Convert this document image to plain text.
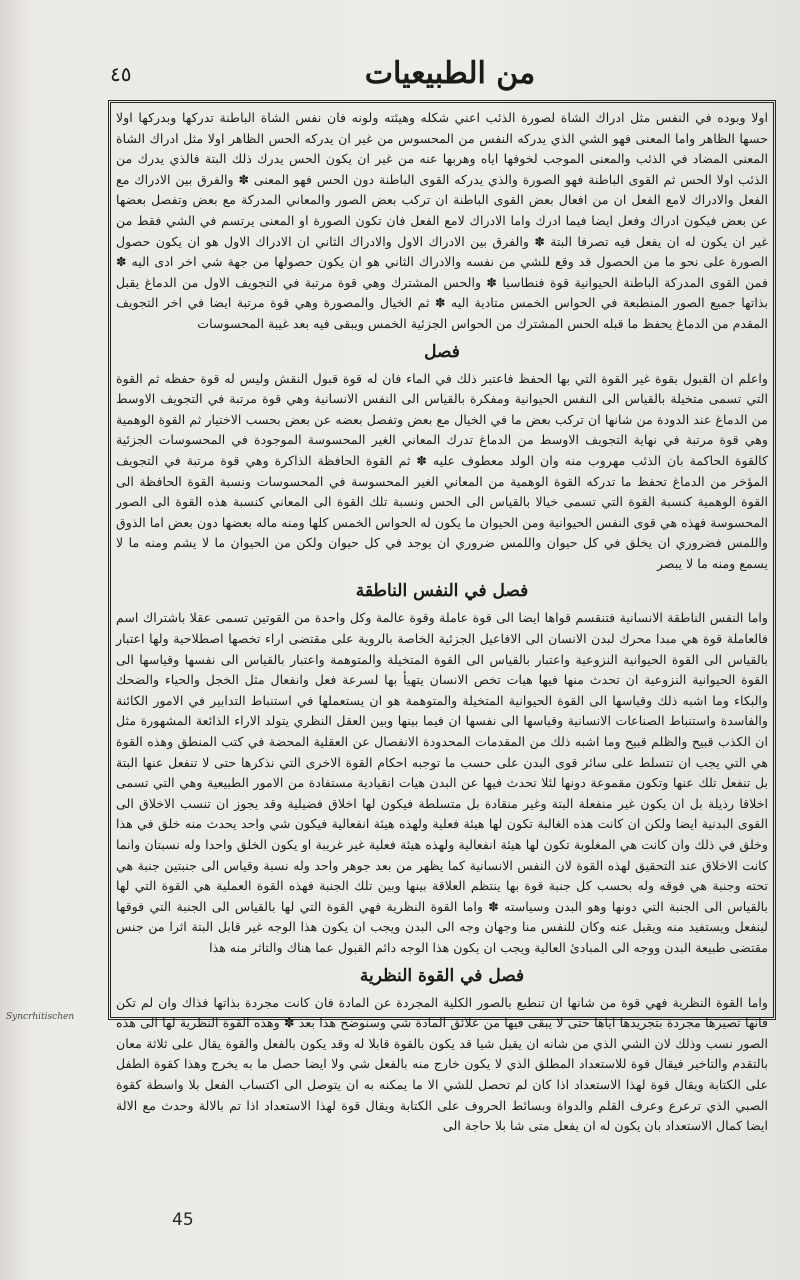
٤٥	من الطبيعيات

اولا وبوده في النفس مثل ادراك الشاة لصورة الذئب اعني شكله وهيئته ولونه فان نفس الشاة الباطنة تدركها وبدركها اولا حسها الظاهر واما المعنى فهو الشي الذي يدركه النفس من المحسوس من غير ان يدركه الحس الظاهر اولا مثل ادراك الشاة المعنى المضاد في الذئب والمعنى الموجب لخوفها اياه وهربها عنه من غير ان يكون الحس يدرك ذلك البتة فالذي يدرك من الذئب اولا الحس ثم القوى الباطنة فهو الصورة والذي يدركه القوى الباطنة دون الحس فهو المعنى ✽ والفرق بين الادراك مع الفعل والادراك لامع الفعل ان من افعال بعض القوى الباطنة ان تركب بعض الصور والمعاني المدركة مع بعض وتفصل بعضها عن بعض فيكون ادراك وفعل ايضا فيما ادرك واما الادراك لامع الفعل فان تكون الصورة او المعنى يرتسم في الشي فقط من غير ان يكون له ان يفعل فيه تصرفا البتة ✽ والفرق بين الادراك الاول والادراك الثاني ان الادراك الاول هو ان يكون حصول الصورة على نحو ما من الحصول قد وقع للشي من نفسه والادراك الثاني هو ان يكون حصولها من جهة شي اخر ادى اليه ✽ فمن القوى المدركة الباطنة الحيوانية قوة فنطاسيا ✽ والحس المشترك وهي قوة مرتبة في التجويف الاول من الدماغ يقبل بذاتها جميع الصور المنطبعة في الحواس الخمس متادية اليه ✽ ثم الخيال والمصورة وهي قوة مرتبة ايضا في اخر التجويف المقدم من الدماغ يحفظ ما قبله الحس المشترك من الحواس الجزئية الخمس ويبقى فيه بعد غيبة المحسوسات

فصل

واعلم ان القبول بقوة غير القوة التي بها الحفظ فاعتبر ذلك في الماء فان له قوة قبول النقش وليس له قوة حفظه ثم القوة التي تسمى متخيلة بالقياس الى النفس الحيوانية ومفكرة بالقياس الى النفس الانسانية وهي قوة مرتبة في التجويف الاوسط من الدماغ عند الدودة من شانها ان تركب بعض ما في الخيال مع بعض وتفصل بعضه عن بعض بحسب الاختيار ثم القوة الوهمية وهي قوة مرتبة في نهاية التجويف الاوسط من الدماغ تدرك المعاني الغير المحسوسة الموجودة في المحسوسات الجزئية كالقوة الحاكمة بان الذئب مهروب منه وان الولد معطوف عليه ✽ ثم القوة الحافظة الذاكرة وهي قوة مرتبة في التجويف المؤخر من الدماغ تحفظ ما تدركه القوة الوهمية من المعاني الغير المحسوسة في المحسوسات ونسبة القوة الحافظة الى القوة الوهمية كنسبة القوة التي تسمى خيالا بالقياس الى الحس ونسبة تلك القوة الى المعاني كنسبة هذه القوة الى الصور المحسوسة فهذه هي قوى النفس الحيوانية ومن الحيوان ما يكون له الحواس الخمس كلها ومنه ماله بعضها دون بعض اما الذوق واللمس فضروري ان يخلق في كل حيوان واللمس ضروري ان يوجد في كل حيوان ولكن من الحيوان ما لا يشم ومنه ما لا يسمع ومنه ما لا يبصر

فصل في النفس الناطقة

واما النفس الناطقة الانسانية فتنقسم قواها ايضا الى قوة عاملة وقوة عالمة وكل واحدة من القوتين تسمى عقلا باشتراك اسم فالعاملة قوة هي مبدا محرك لبدن الانسان الى الافاعيل الجزئية الخاصة بالروية على مقتضى اراء تخصها اصطلاحية ولها اعتبار بالقياس الى القوة الحيوانية النزوعية واعتبار بالقياس الى القوة المتخيلة والمتوهمة واعتبار بالقياس الى نفسها وقياسها الى القوة الحيوانية النزوعية ان تحدث منها فيها هيات تخص الانسان يتهيأ بها لسرعة فعل وانفعال مثل الخجل والحياء والضحك والبكاء وما اشبه ذلك وقياسها الى القوة الحيوانية المتخيلة والمتوهمة هو ان يستعملها في استنباط التدابير في الامور الكائنة والفاسدة واستنباط الصناعات الانسانية وقياسها الى نفسها ان فيما بينها وبين العقل النظري يتولد الاراء الذائعة المشهورة مثل ان الكذب قبيح والظلم قبيح وما اشبه ذلك من المقدمات المحدودة الانفصال عن العقلية المحضة في كتب المنطق وهذه القوة هي التي يجب ان تتسلط على سائر قوى البدن على حسب ما توجبه احكام القوة الاخرى التي نذكرها حتى لا تنفعل عنها البتة بل تنفعل تلك عنها وتكون مقموعة دونها لئلا تحدث فيها عن البدن هيات انقيادية مستفادة من الامور الطبيعية وهي التي تسمى اخلاقا رذيلة بل ان يكون غير منفعلة البتة وغير منقادة بل متسلطة فيكون لها اخلاق فضيلية وقد يجوز ان تنسب الاخلاق الى القوى البدنية ايضا ولكن ان كانت هذه الغالبة تكون لها هيئة فعلية ولهذه هيئة انفعالية فيكون شي واحد يحدث منه خلق في هذا وخلق في ذلك وان كانت هي المغلوبة تكون لها هيئة انفعالية ولهذه هيئة فعلية غير غريبة او يكون الخلق واحدا وله نسبتان وانما كانت الاخلاق عند التحقيق لهذه القوة لان النفس الانسانية كما يظهر من بعد جوهر واحد وله نسبة وقياس الى جنبتين جنبة هي تحته وجنبة هي فوقه وله بحسب كل جنبة قوة بها ينتظم العلاقة بينها وبين تلك الجنبة فهذه القوة العملية هي القوة التي لها بالقياس الى الجنبة التي دونها وهو البدن وسياسته ✽ واما القوة النظرية فهي القوة التي لها بالقياس الى الجنبة التي فوقها لينفعل ويستفيد منه ويقبل عنه وكان للنفس منا وجهان وجه الى البدن ويجب ان يكون هذا الوجه غير قابل البتة اثرا من جنس مقتضى طبيعة البدن ووجه الى المبادئ العالية ويجب ان يكون هذا الوجه دائم القبول عما هناك والتاثر منه هذا

فصل في القوة النظرية

واما القوة النظرية فهي قوة من شانها ان تنطبع بالصور الكلية المجردة عن المادة فان كانت مجردة بذاتها فذاك وان لم تكن فانها تصيرها مجردة بتجريدها اياها حتى لا يبقى فيها من علائق المادة شي وسنوضح هذا بعد ✽ وهذه القوة النظرية لها الى هذه الصور نسب وذلك لان الشي الذي من شانه ان يقبل شيا قد يكون بالقوة قابلا له وقد يكون بالفعل والقوة يقال على ثلاثة معان بالتقدم والتاخير فيقال قوة للاستعداد المطلق الذي لا يكون خارج منه بالفعل شي ولا ايضا حصل ما به يخرج وهذا كقوة الطفل على الكتابة ويقال قوة لهذا الاستعداد اذا كان لم تحصل للشي الا ما يمكنه به ان يتوصل الى اكتساب الفعل بلا واسطة كقوة الصبي الذي ترعرع وعرف القلم والدواة وبسائط الحروف على الكتابة ويقال قوة لهذا الاستعداد اذا تم بالالة وحدث مع الالة ايضا كمال الاستعداد بان يكون له ان يفعل متى شا بلا حاجة الى

Syncrhitischen
45
